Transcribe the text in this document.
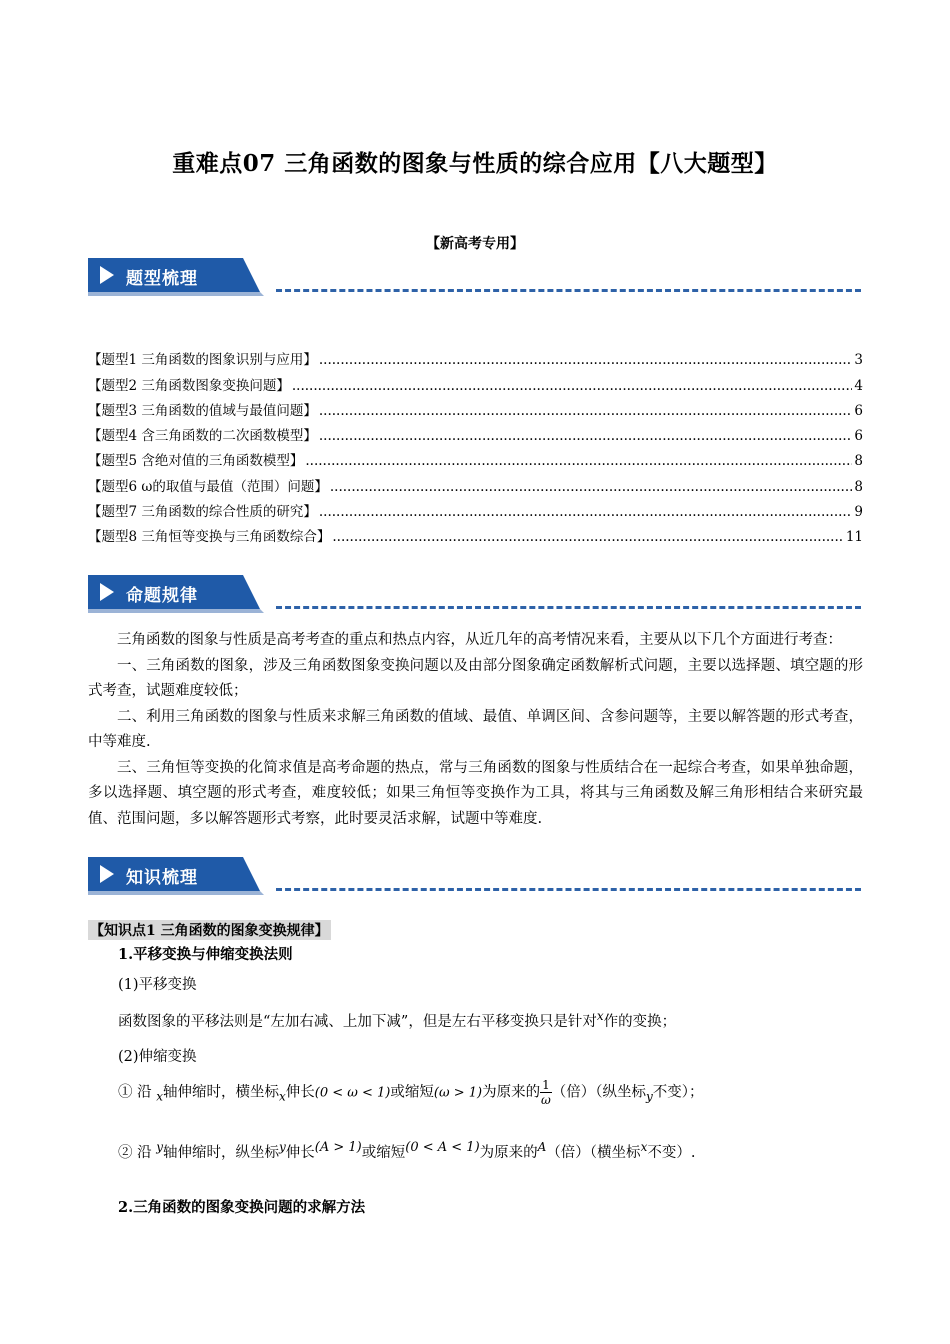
重难点07 三角函数的图象与性质的综合应用【八大题型】
【新高考专用】
题型梳理
【题型1 三角函数的图象识别与应用】 .....	3
【题型2 三角函数图象变换问题】 .....	4
【题型3 三角函数的值域与最值问题】 .....	6
【题型4 含三角函数的二次函数模型】 .....	6
【题型5 含绝对值的三角函数模型】 .....	8
【题型6 ω的取值与最值（范围）问题】 .....	8
【题型7 三角函数的综合性质的研究】 .....	9
【题型8 三角恒等变换与三角函数综合】 .....	11
命题规律

三角函数的图象与性质是高考考查的重点和热点内容，从近几年的高考情况来看，主要从以下几个方面进行考查：

一、三角函数的图象，涉及三角函数图象变换问题以及由部分图象确定函数解析式问题，主要以选择题、填空题的形式考查，试题难度较低；

二、利用三角函数的图象与性质来求解三角函数的值域、最值、单调区间、含参问题等，主要以解答题的形式考查，中等难度.

三、三角恒等变换的化简求值是高考命题的热点，常与三角函数的图象与性质结合在一起综合考查，如果单独命题，多以选择题、填空题的形式考查，难度较低；如果三角恒等变换作为工具，将其与三角函数及解三角形相结合来研究最值、范围问题，多以解答题形式考察，此时要灵活求解，试题中等难度.

知识梳理
【知识点1 三角函数的图象变换规律】
1.平移变换与伸缩变换法则
(1)平移变换
函数图象的平移法则是“左加右减、上加下减”，但是左右平移变换只是针对$^x$作的变换；
(2)伸缩变换
① 沿 $_x$轴伸缩时，横坐标$_x$伸长(0 < ω < 1)或缩短(ω > 1)为原来的 $\frac{1}{\omega}$ （倍）（纵坐标$_y$不变）；
② 沿 $^y$轴伸缩时，纵坐标$^y$伸长$^{(A > 1)}$或缩短$^{(0 < A < 1)}$为原来的$^A$（倍）（横坐标$^x$不变）.
2.三角函数的图象变换问题的求解方法
